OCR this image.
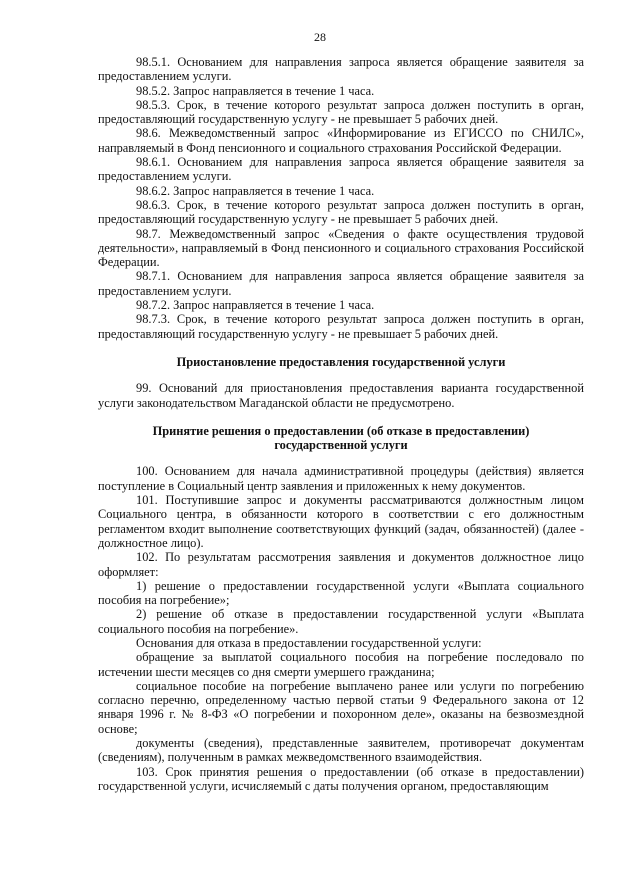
28

98.5.1. Основанием для направления запроса является обращение заявителя за предоставлением услуги.

98.5.2. Запрос направляется в течение 1 часа.

98.5.3. Срок, в течение которого результат запроса должен поступить в орган, предоставляющий государственную услугу - не превышает 5 рабочих дней.

98.6. Межведомственный запрос «Информирование из ЕГИССО по СНИЛС», направляемый в Фонд пенсионного и социального страхования Российской Федерации.

98.6.1. Основанием для направления запроса является обращение заявителя за предоставлением услуги.

98.6.2. Запрос направляется в течение 1 часа.

98.6.3. Срок, в течение которого результат запроса должен поступить в орган, предоставляющий государственную услугу - не превышает 5 рабочих дней.

98.7. Межведомственный запрос «Сведения о факте осуществления трудовой деятельности», направляемый в Фонд пенсионного и социального страхования Российской Федерации.

98.7.1. Основанием для направления запроса является обращение заявителя за предоставлением услуги.

98.7.2. Запрос направляется в течение 1 часа.

98.7.3. Срок, в течение которого результат запроса должен поступить в орган, предоставляющий государственную услугу - не превышает 5 рабочих дней.

Приостановление предоставления государственной услуги

99. Оснований для приостановления предоставления варианта государственной услуги законодательством Магаданской области не предусмотрено.

Принятие решения о предоставлении (об отказе в предоставлении)

государственной услуги

100. Основанием для начала административной процедуры (действия) является поступление в Социальный центр заявления и приложенных к нему документов.

101. Поступившие запрос и документы рассматриваются должностным лицом Социального центра, в обязанности которого в соответствии с его должностным регламентом входит выполнение соответствующих функций (задач, обязанностей) (далее - должностное лицо).

102. По результатам рассмотрения заявления и документов должностное лицо оформляет:

1) решение о предоставлении государственной услуги «Выплата социального пособия на погребение»;

2) решение об отказе в предоставлении государственной услуги «Выплата социального пособия на погребение».

Основания для отказа в предоставлении государственной услуги:

обращение за выплатой социального пособия на погребение последовало по истечении шести месяцев со дня смерти умершего гражданина;

социальное пособие на погребение выплачено ранее или услуги по погребению согласно перечню, определенному частью первой статьи 9 Федерального закона от 12 января 1996 г. № 8-ФЗ «О погребении и похоронном деле», оказаны на безвозмездной основе;

документы (сведения), представленные заявителем, противоречат документам (сведениям), полученным в рамках межведомственного взаимодействия.

103. Срок принятия решения о предоставлении (об отказе в предоставлении) государственной услуги, исчисляемый с даты получения органом, предоставляющим
